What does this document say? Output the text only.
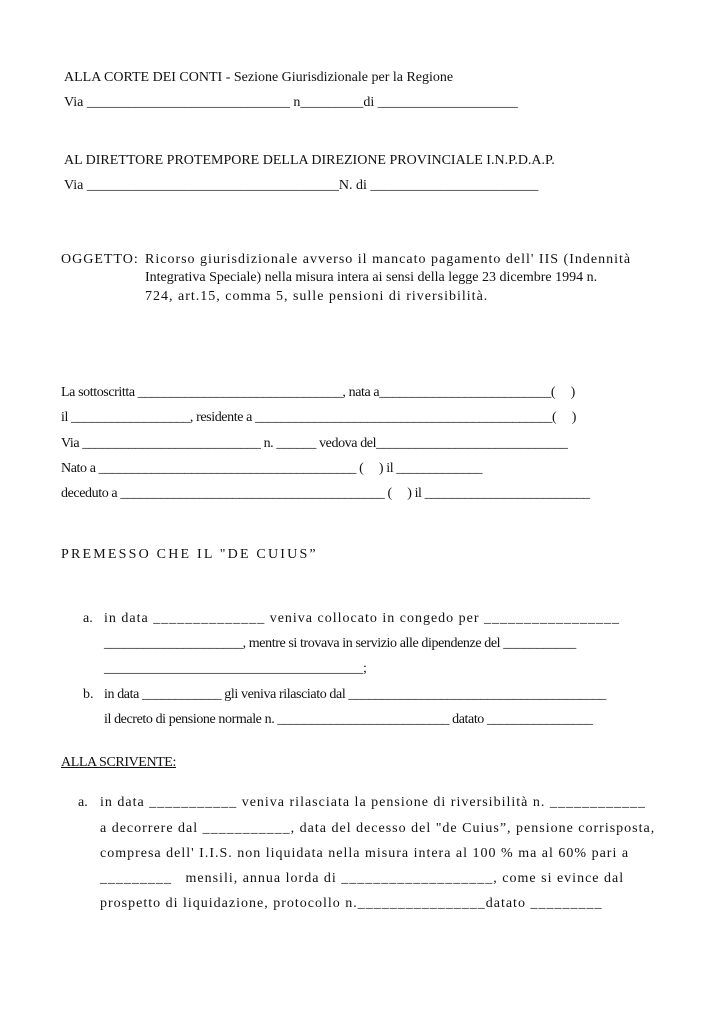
ALLA CORTE DEI CONTI - Sezione Giurisdizionale per la Regione
Via _____________________________ n_________di ____________________
AL DIRETTORE PROTEMPORE DELLA DIREZIONE PROVINCIALE I.N.P.D.A.P.
Via ____________________________________N. di ________________________
OGGETTO: Ricorso giurisdizionale avverso il mancato pagamento dell' IIS (Indennità
Integrativa Speciale) nella misura intera ai sensi della legge 23 dicembre 1994 n.
724, art.15, comma 5, sulle pensioni di riversibilità.
La sottoscritta _______________________________, nata a__________________________(     )
il __________________, residente a _____________________________________________(     )
Via ___________________________ n. ______ vedova del_____________________________
Nato a _______________________________________ (     ) il _____________
deceduto a ________________________________________ (     ) il _________________________
PREMESSO CHE IL "DE CUIUS”
a. in data ______________ veniva collocato in congedo per _________________
_____________________, mentre si trovava in servizio alle dipendenze del ___________
_____________________________________;
b. in data ____________ gli veniva rilasciato dal _______________________________________
il decreto di pensione normale n. __________________________ datato ________________
ALLA SCRIVENTE:
a. in data ___________ veniva rilasciata la pensione di riversibilità n. ____________
a decorrere dal ___________, data del decesso del "de Cuius”, pensione corrisposta,
compresa dell' I.I.S. non liquidata nella misura intera al 100 % ma al 60% pari a
_________   mensili, annua lorda di ___________________, come si evince dal
prospetto di liquidazione, protocollo n.________________datato _________
